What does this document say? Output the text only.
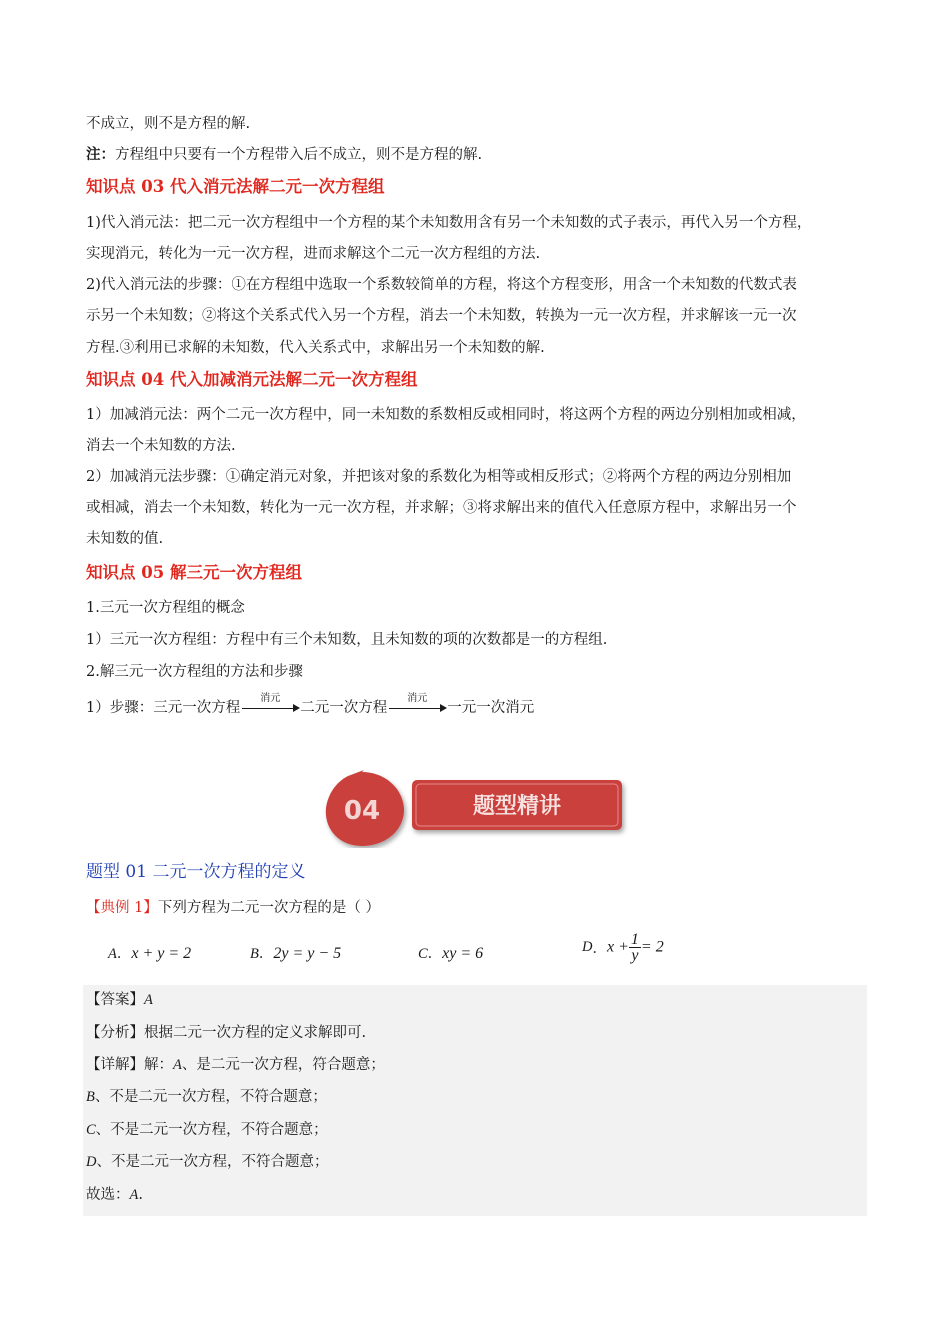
不成立，则不是方程的解.
注：方程组中只要有一个方程带入后不成立，则不是方程的解.
知识点 03 代入消元法解二元一次方程组
1)代入消元法：把二元一次方程组中一个方程的某个未知数用含有另一个未知数的式子表示，再代入另一个方程，
实现消元，转化为一元一次方程，进而求解这个二元一次方程组的方法.
2)代入消元法的步骤：①在方程组中选取一个系数较简单的方程，将这个方程变形，用含一个未知数的代数式表
示另一个未知数；②将这个关系式代入另一个方程，消去一个未知数，转换为一元一次方程，并求解该一元一次
方程.③利用已求解的未知数，代入关系式中，求解出另一个未知数的解.
知识点 04 代入加减消元法解二元一次方程组
1）加减消元法：两个二元一次方程中，同一未知数的系数相反或相同时，将这两个方程的两边分别相加或相减，
消去一个未知数的方法.
2）加减消元法步骤：①确定消元对象，并把该对象的系数化为相等或相反形式；②将两个方程的两边分别相加
或相减，消去一个未知数，转化为一元一次方程，并求解；③将求解出来的值代入任意原方程中，求解出另一个
未知数的值.
知识点 05 解三元一次方程组
1.三元一次方程组的概念
1）三元一次方程组：方程中有三个未知数，且未知数的项的次数都是一的方程组.
2.解三元一次方程组的方法和步骤
1）步骤：三元一次方程
消元
二元一次方程
消元
一元一次消元
04	题型精讲
题型 01 二元一次方程的定义
【典例 1】下列方程为二元一次方程的是（ ）
A．x + y = 2	B．2y = y − 5	C．xy = 6	D．$x + \frac{1}{y} = 2$
【答案】A
【分析】根据二元一次方程的定义求解即可.
【详解】解：A、是二元一次方程，符合题意；
B、不是二元一次方程，不符合题意；
C、不是二元一次方程，不符合题意；
D、不是二元一次方程，不符合题意；
故选：A.
